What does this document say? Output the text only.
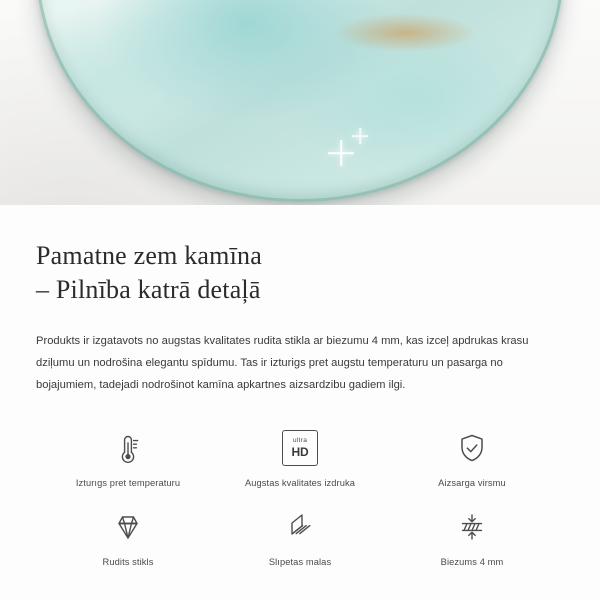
Pamatne zem kamīna
– Pilnība katrā detaļā

Produkts ir izgatavots no augstas kvalitates rudita stikla ar biezumu 4 mm, kas izceļ apdrukas krasu dziļumu un nodrošina elegantu spīdumu. Tas ir izturigs pret augstu temperaturu un pasarga no bojajumiem, tadejadi nodrošinot kamīna apkartnes aizsardzibu gadiem ilgi.

Izturıgs pret temperaturu
ultra
HD
Augstas kvalitates izdruka	Aizsarga virsmu
Rudits stikls	Slıpetas malas	Biezums 4 mm
